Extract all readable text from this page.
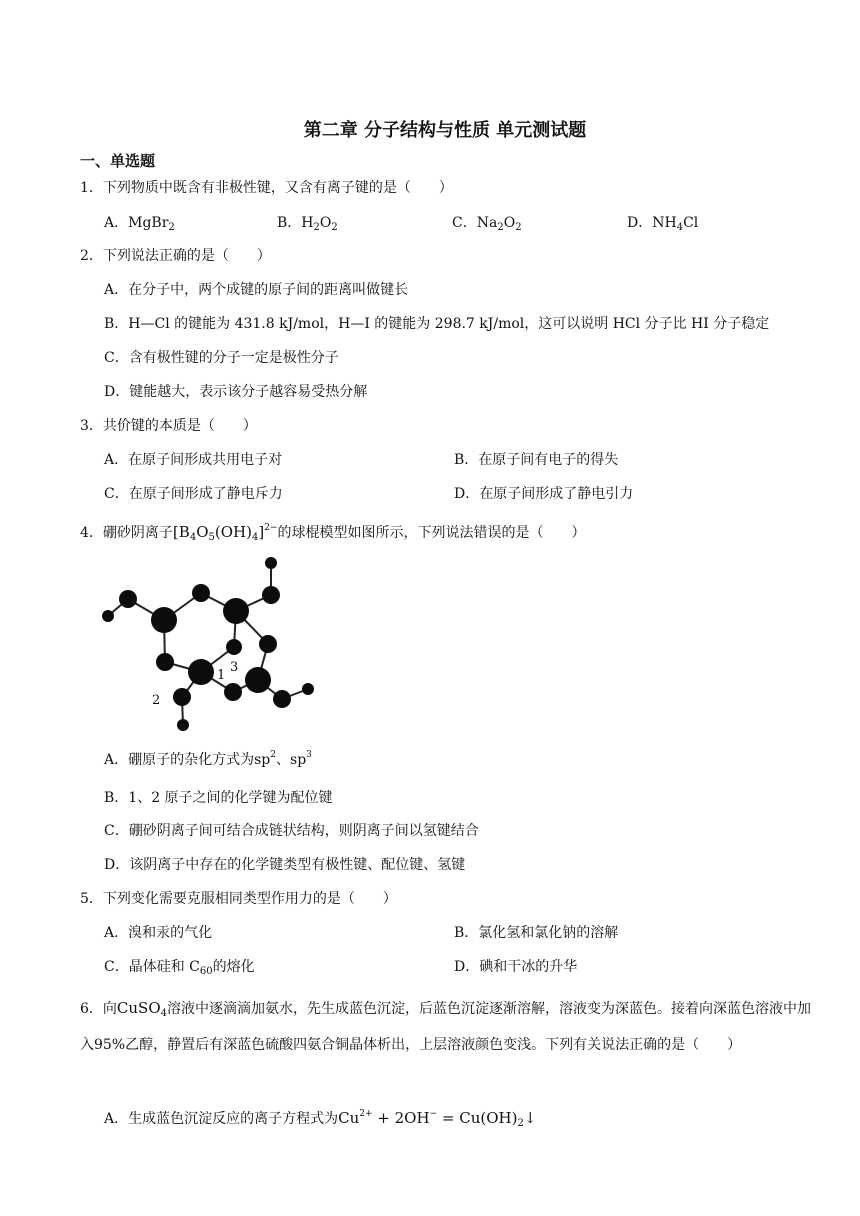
第二章 分子结构与性质 单元测试题
一、单选题
1．下列物质中既含有非极性键，又含有离子键的是（　　）
A．MgBr$_2$	B．$H_2O_2$	C．$Na_2O_2$	D．$NH_4Cl$
2．下列说法正确的是（　　）
A．在分子中，两个成键的原子间的距离叫做键长
B．H—Cl 的键能为 431.8 kJ/mol，H—I 的键能为 298.7 kJ/mol，这可以说明 HCl 分子比 HI 分子稳定
C．含有极性键的分子一定是极性分子
D．键能越大，表示该分子越容易受热分解
3．共价键的本质是（　　）
A．在原子间形成共用电子对	B．在原子间有电子的得失
C．在原子间形成了静电斥力	D．在原子间形成了静电引力
4．硼砂阴离子$[B_4O_5(OH)_4]^{2-}$的球棍模型如图所示，下列说法错误的是（　　）
1
2
3
A．硼原子的杂化方式为$sp^2$、$sp^3$
B．1、2 原子之间的化学键为配位键
C．硼砂阴离子间可结合成链状结构，则阴离子间以氢键结合
D．该阴离子中存在的化学键类型有极性键、配位键、氢键
5．下列变化需要克服相同类型作用力的是（　　）
A．溴和汞的气化	B．氯化氢和氯化钠的溶解
C．晶体硅和 $C_{60}$的熔化	D．碘和干冰的升华
6．向CuSO$_4$溶液中逐滴滴加氨水，先生成蓝色沉淀，后蓝色沉淀逐渐溶解，溶液变为深蓝色。接着向深蓝色溶液中加入95%乙醇，静置后有深蓝色硫酸四氨合铜晶体析出，上层溶液颜色变浅。下列有关说法正确的是（　　）
A．生成蓝色沉淀反应的离子方程式为$Cu^{2+} + 2OH^-$ = $Cu(OH)_2↓$
